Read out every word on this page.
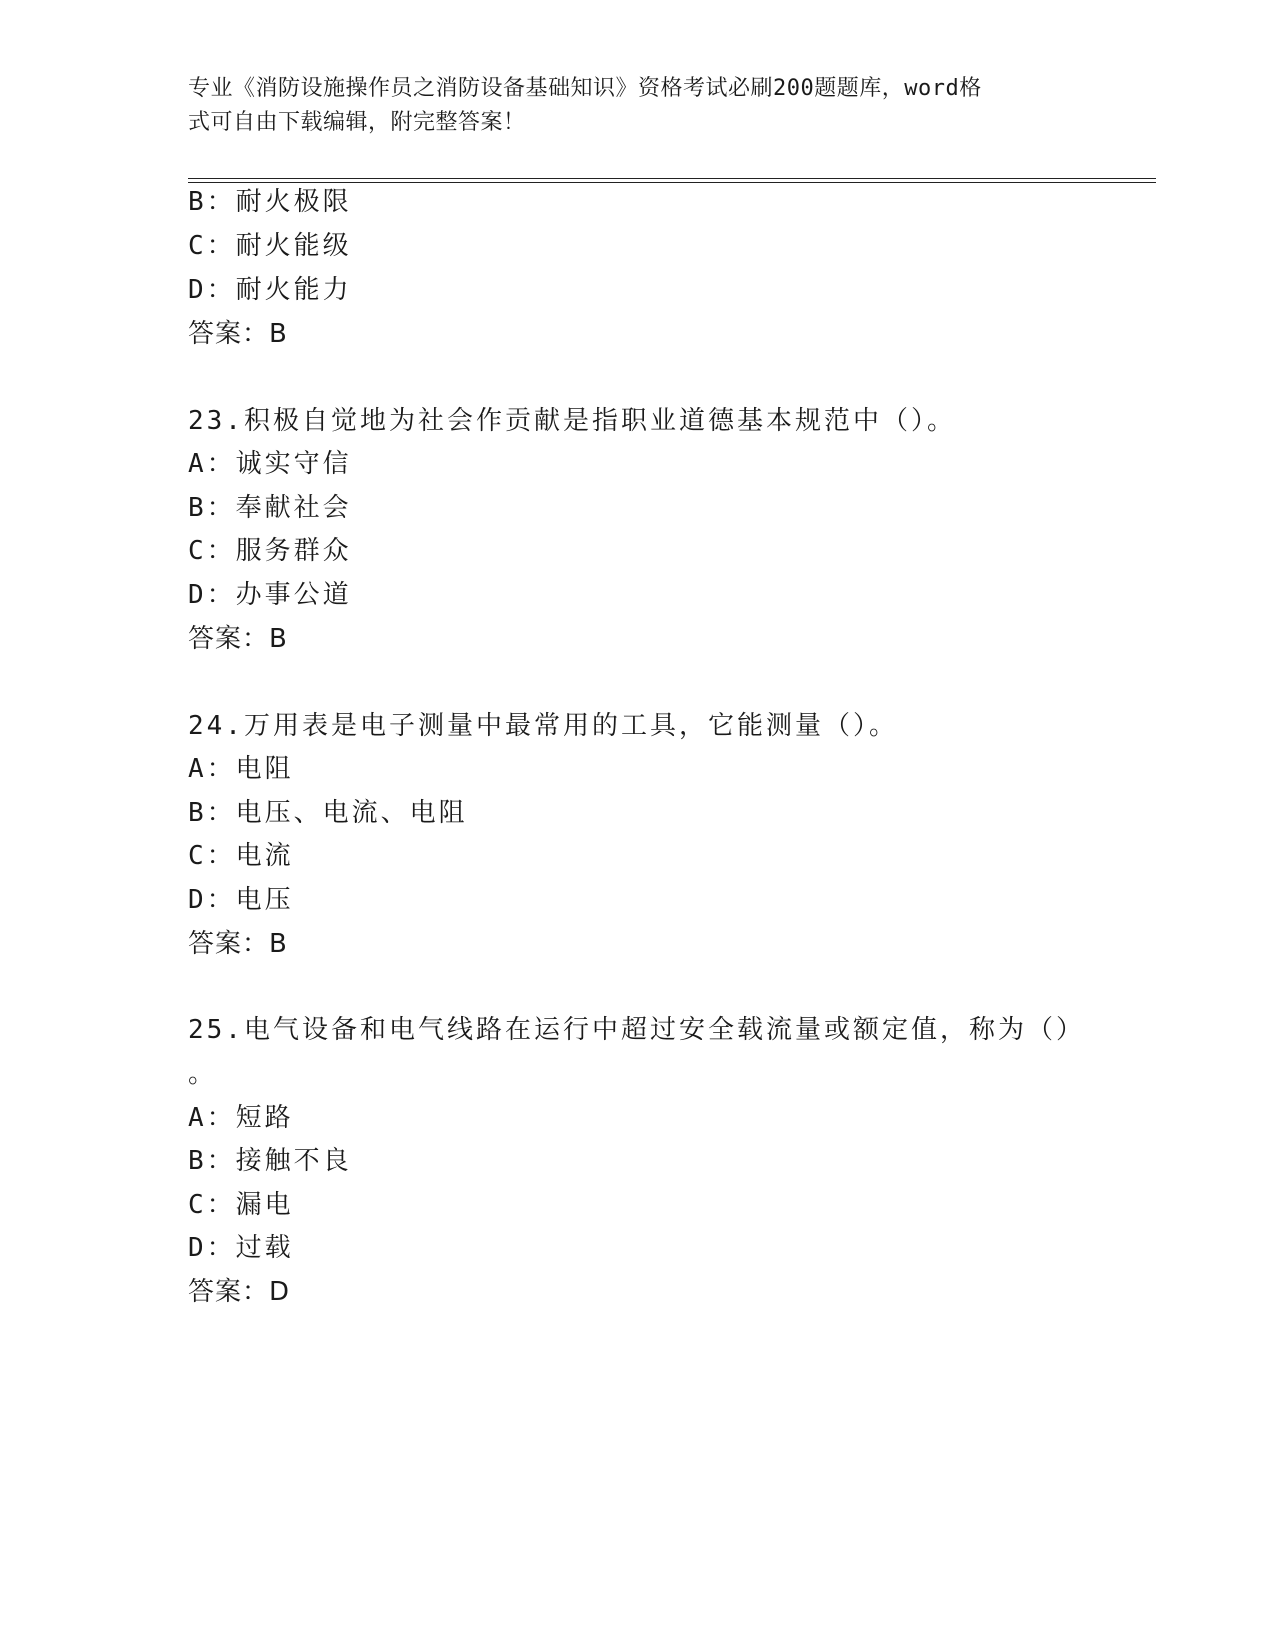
专业《消防设施操作员之消防设备基础知识》资格考试必刷200题题库，word格
式可自由下载编辑，附完整答案！
B：耐火极限
C：耐火能级
D：耐火能力
答案：B
23.积极自觉地为社会作贡献是指职业道德基本规范中（）。
A：诚实守信
B：奉献社会
C：服务群众
D：办事公道
答案：B
24.万用表是电子测量中最常用的工具，它能测量（）。
A：电阻
B：电压、电流、电阻
C：电流
D：电压
答案：B
25.电气设备和电气线路在运行中超过安全载流量或额定值，称为（）
。
A：短路
B：接触不良
C：漏电
D：过载
答案：D
